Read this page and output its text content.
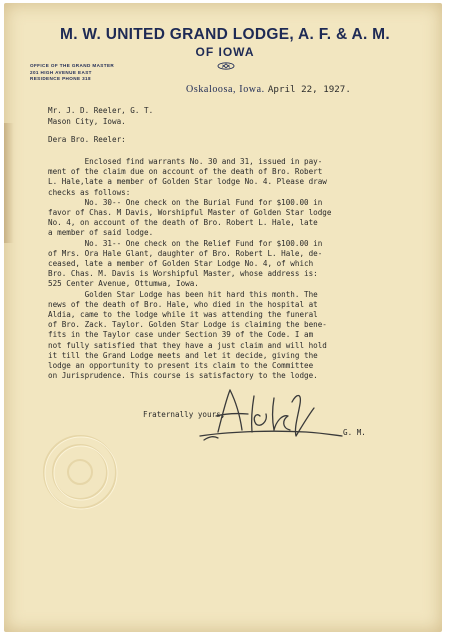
M. W. UNITED GRAND LODGE, A. F. & A. M.
OF IOWA
OFFICE OF THE GRAND MASTER
201 HIGH AVENUE EAST
RESIDENCE PHONE 318
Oskaloosa, Iowa. April 22, 1927.
Mr. J. D. Reeler, G. T.
Mason City, Iowa.
Dera Bro. Reeler:
Enclosed find warrants No. 30 and 31, issued in pay-
ment of the claim due on account of the death of Bro. Robert
L. Hale,late a member of Golden Star lodge No. 4. Please draw
checks as follows:
No. 30-- One check on the Burial Fund for $100.00 in
favor of Chas. M Davis, Worshipful Master of Golden Star lodge
No. 4, on account of the death of Bro. Robert L. Hale, late
a member of said lodge.
No. 31-- One check on the Relief Fund for $100.00 in
of Mrs. Ora Hale Glant, daughter of Bro. Robert L. Hale, de-
ceased, late a member of Golden Star Lodge No. 4, of which
Bro. Chas. M. Davis is Worshipful Master, whose address is:
525 Center Avenue, Ottumwa, Iowa.
Golden Star Lodge has been hit hard this month. The
news of the death of Bro. Hale, who died in the hospital at
Aldia, came to the lodge while it was attending the funeral
of Bro. Zack. Taylor. Golden Star Lodge is claiming the bene-
fits in the Taylor case under Section 39 of the Code. I am
not fully satisfied that they have a just claim and will hold
it till the Grand Lodge meets and let it decide, giving the
lodge an opportunity to present its claim to the Committee
on Jurisprudence. This course is satisfactory to the lodge.
Fraternally yours,
G. M.
